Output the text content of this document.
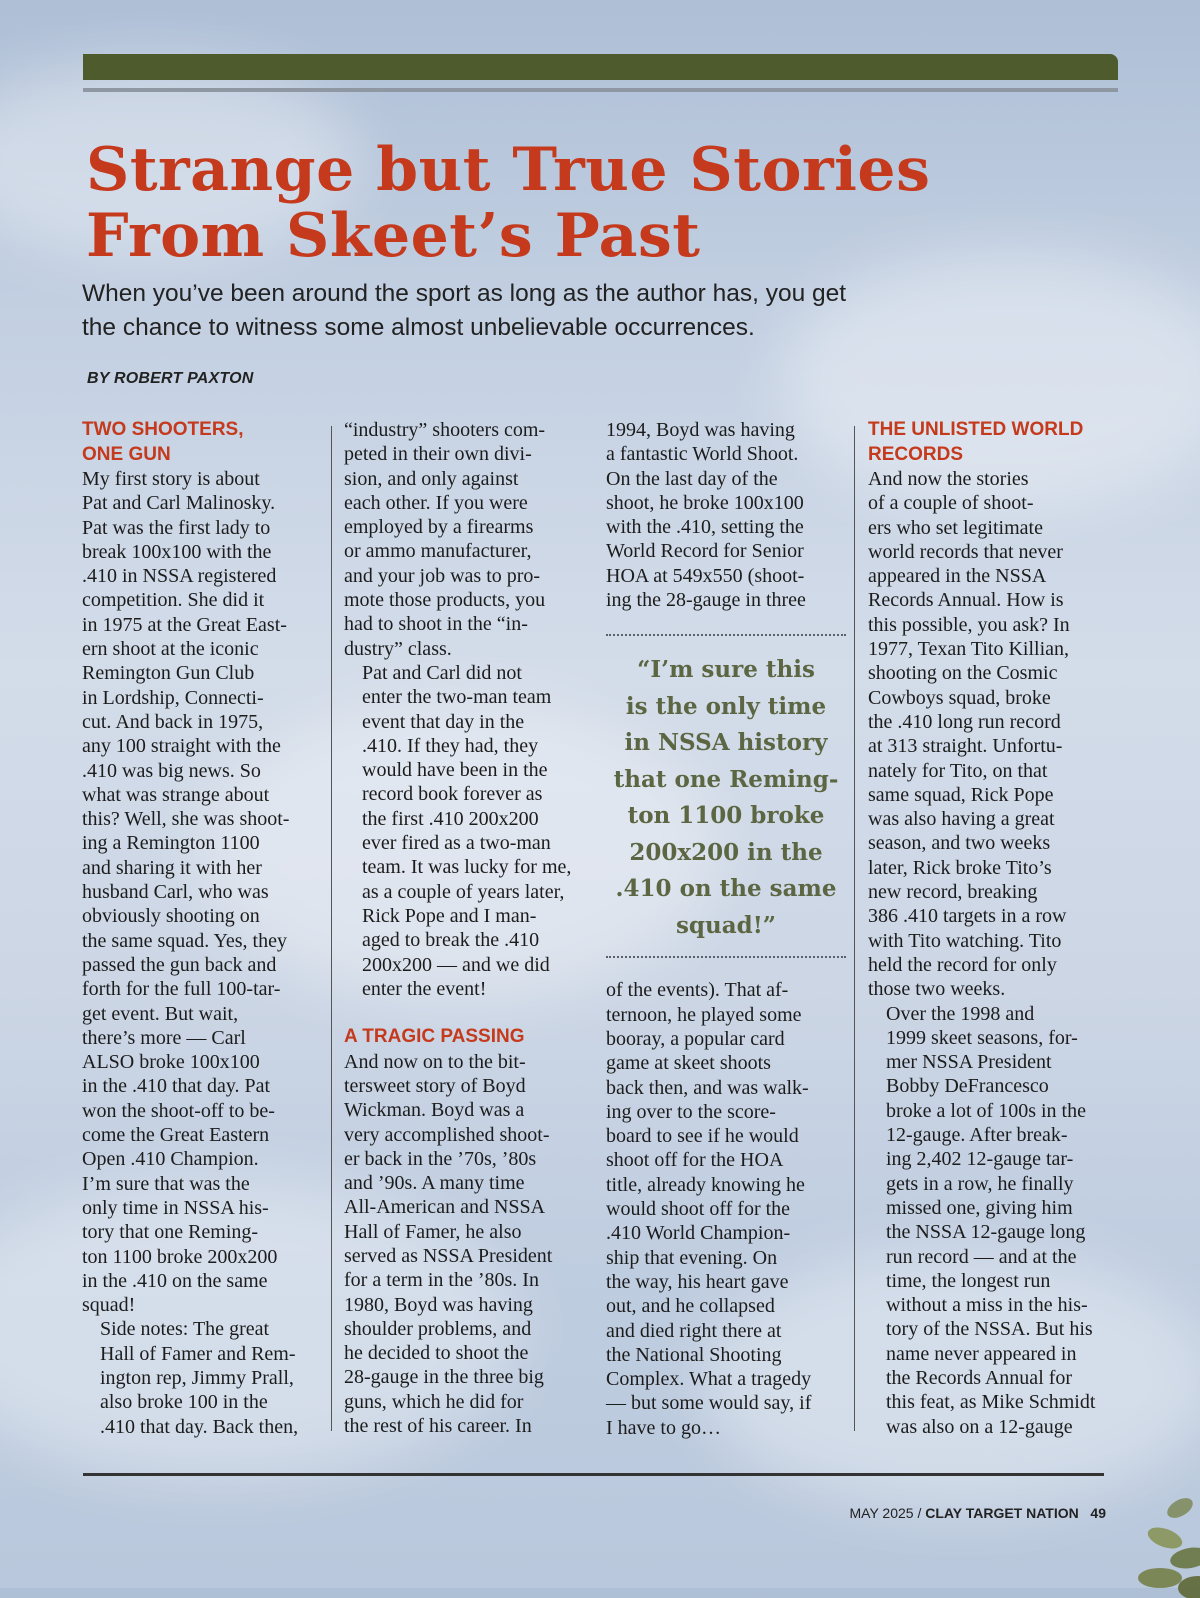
Strange but True Stories
From Skeet’s Past

When you’ve been around the sport as long as the author has, you get
the chance to witness some almost unbelievable occurrences.

BY ROBERT PAXTON

TWO SHOOTERS,
ONE GUN

My first story is about
Pat and Carl Malinosky.
Pat was the first lady to
break 100x100 with the
.410 in NSSA registered
competition. She did it
in 1975 at the Great East-
ern shoot at the iconic
Remington Gun Club
in Lordship, Connecti-
cut. And back in 1975,
any 100 straight with the
.410 was big news. So
what was strange about
this? Well, she was shoot-
ing a Remington 1100
and sharing it with her
husband Carl, who was
obviously shooting on
the same squad. Yes, they
passed the gun back and
forth for the full 100-tar-
get event. But wait,
there’s more — Carl
ALSO broke 100x100
in the .410 that day. Pat
won the shoot-off to be-
come the Great Eastern
Open .410 Champion.
I’m sure that was the
only time in NSSA his-
tory that one Reming-
ton 1100 broke 200x200
in the .410 on the same
squad!

Side notes: The great
Hall of Famer and Rem-
ington rep, Jimmy Prall,
also broke 100 in the
.410 that day. Back then,

“industry” shooters com-
peted in their own divi-
sion, and only against
each other. If you were
employed by a firearms
or ammo manufacturer,
and your job was to pro-
mote those products, you
had to shoot in the “in-
dustry” class.

Pat and Carl did not
enter the two-man team
event that day in the
.410. If they had, they
would have been in the
record book forever as
the first .410 200x200
ever fired as a two-man
team. It was lucky for me,
as a couple of years later,
Rick Pope and I man-
aged to break the .410
200x200 — and we did
enter the event!

A TRAGIC PASSING

And now on to the bit-
tersweet story of Boyd
Wickman. Boyd was a
very accomplished shoot-
er back in the ’70s, ’80s
and ’90s. A many time
All-American and NSSA
Hall of Famer, he also
served as NSSA President
for a term in the ’80s. In
1980, Boyd was having
shoulder problems, and
he decided to shoot the
28-gauge in the three big
guns, which he did for
the rest of his career. In

1994, Boyd was having
a fantastic World Shoot.
On the last day of the
shoot, he broke 100x100
with the .410, setting the
World Record for Senior
HOA at 549x550 (shoot-
ing the 28-gauge in three

“I’m sure this
is the only time
in NSSA history
that one Reming-
ton 1100 broke
200x200 in the
.410 on the same
squad!”

of the events). That af-
ternoon, he played some
booray, a popular card
game at skeet shoots
back then, and was walk-
ing over to the score-
board to see if he would
shoot off for the HOA
title, already knowing he
would shoot off for the
.410 World Champion-
ship that evening. On
the way, his heart gave
out, and he collapsed
and died right there at
the National Shooting
Complex. What a tragedy
— but some would say, if
I have to go…

THE UNLISTED WORLD
RECORDS

And now the stories
of a couple of shoot-
ers who set legitimate
world records that never
appeared in the NSSA
Records Annual. How is
this possible, you ask? In
1977, Texan Tito Killian,
shooting on the Cosmic
Cowboys squad, broke
the .410 long run record
at 313 straight. Unfortu-
nately for Tito, on that
same squad, Rick Pope
was also having a great
season, and two weeks
later, Rick broke Tito’s
new record, breaking
386 .410 targets in a row
with Tito watching. Tito
held the record for only
those two weeks.

Over the 1998 and
1999 skeet seasons, for-
mer NSSA President
Bobby DeFrancesco
broke a lot of 100s in the
12-gauge. After break-
ing 2,402 12-gauge tar-
gets in a row, he finally
missed one, giving him
the NSSA 12-gauge long
run record — and at the
time, the longest run
without a miss in the his-
tory of the NSSA. But his
name never appeared in
the Records Annual for
this feat, as Mike Schmidt
was also on a 12-gauge

MAY 2025 / CLAY TARGET NATION 49
